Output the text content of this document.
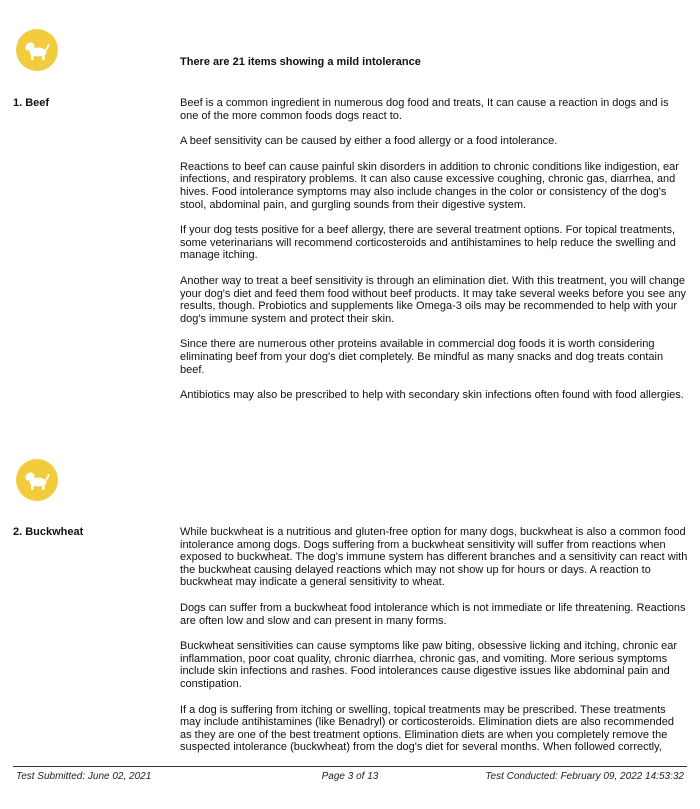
There are 21 items showing a mild intolerance
1. Beef	Beef is a common ingredient in numerous dog food and treats, It can cause a reaction in dogs and is one of the more common foods dogs react to.

A beef sensitivity can be caused by either a food allergy or a food intolerance.

Reactions to beef can cause painful skin disorders in addition to chronic conditions like indigestion, ear infections, and respiratory problems. It can also cause excessive coughing, chronic gas, diarrhea, and hives. Food intolerance symptoms may also include changes in the color or consistency of the dog's stool, abdominal pain, and gurgling sounds from their digestive system.

If your dog tests positive for a beef allergy, there are several treatment options. For topical treatments, some veterinarians will recommend corticosteroids and antihistamines to help reduce the swelling and manage itching.

Another way to treat a beef sensitivity is through an elimination diet. With this treatment, you will change your dog's diet and feed them food without beef products. It may take several weeks before you see any results, though. Probiotics and supplements like Omega-3 oils may be recommended to help with your dog's immune system and protect their skin.

Since there are numerous other proteins available in commercial dog foods it is worth considering eliminating beef from your dog's diet completely. Be mindful as many snacks and dog treats contain beef.

Antibiotics may also be prescribed to help with secondary skin infections often found with food allergies.

2. Buckwheat	While buckwheat is a nutritious and gluten-free option for many dogs, buckwheat is also a common food intolerance among dogs. Dogs suffering from a buckwheat sensitivity will suffer from reactions when exposed to buckwheat. The dog's immune system has different branches and a sensitivity can react with the buckwheat causing delayed reactions which may not show up for hours or days. A reaction to buckwheat may indicate a general sensitivity to wheat.

Dogs can suffer from a buckwheat food intolerance which is not immediate or life threatening. Reactions are often low and slow and can present in many forms.

Buckwheat sensitivities can cause symptoms like paw biting, obsessive licking and itching, chronic ear inflammation, poor coat quality, chronic diarrhea, chronic gas, and vomiting. More serious symptoms include skin infections and rashes. Food intolerances cause digestive issues like abdominal pain and constipation.

If a dog is suffering from itching or swelling, topical treatments may be prescribed. These treatments may include antihistamines (like Benadryl) or corticosteroids. Elimination diets are also recommended as they are one of the best treatment options. Elimination diets are when you completely remove the suspected intolerance (buckwheat) from the dog's diet for several months. When followed correctly,

Test Submitted: June 02, 2021	Page 3 of 13	Test Conducted: February 09, 2022 14:53:32
